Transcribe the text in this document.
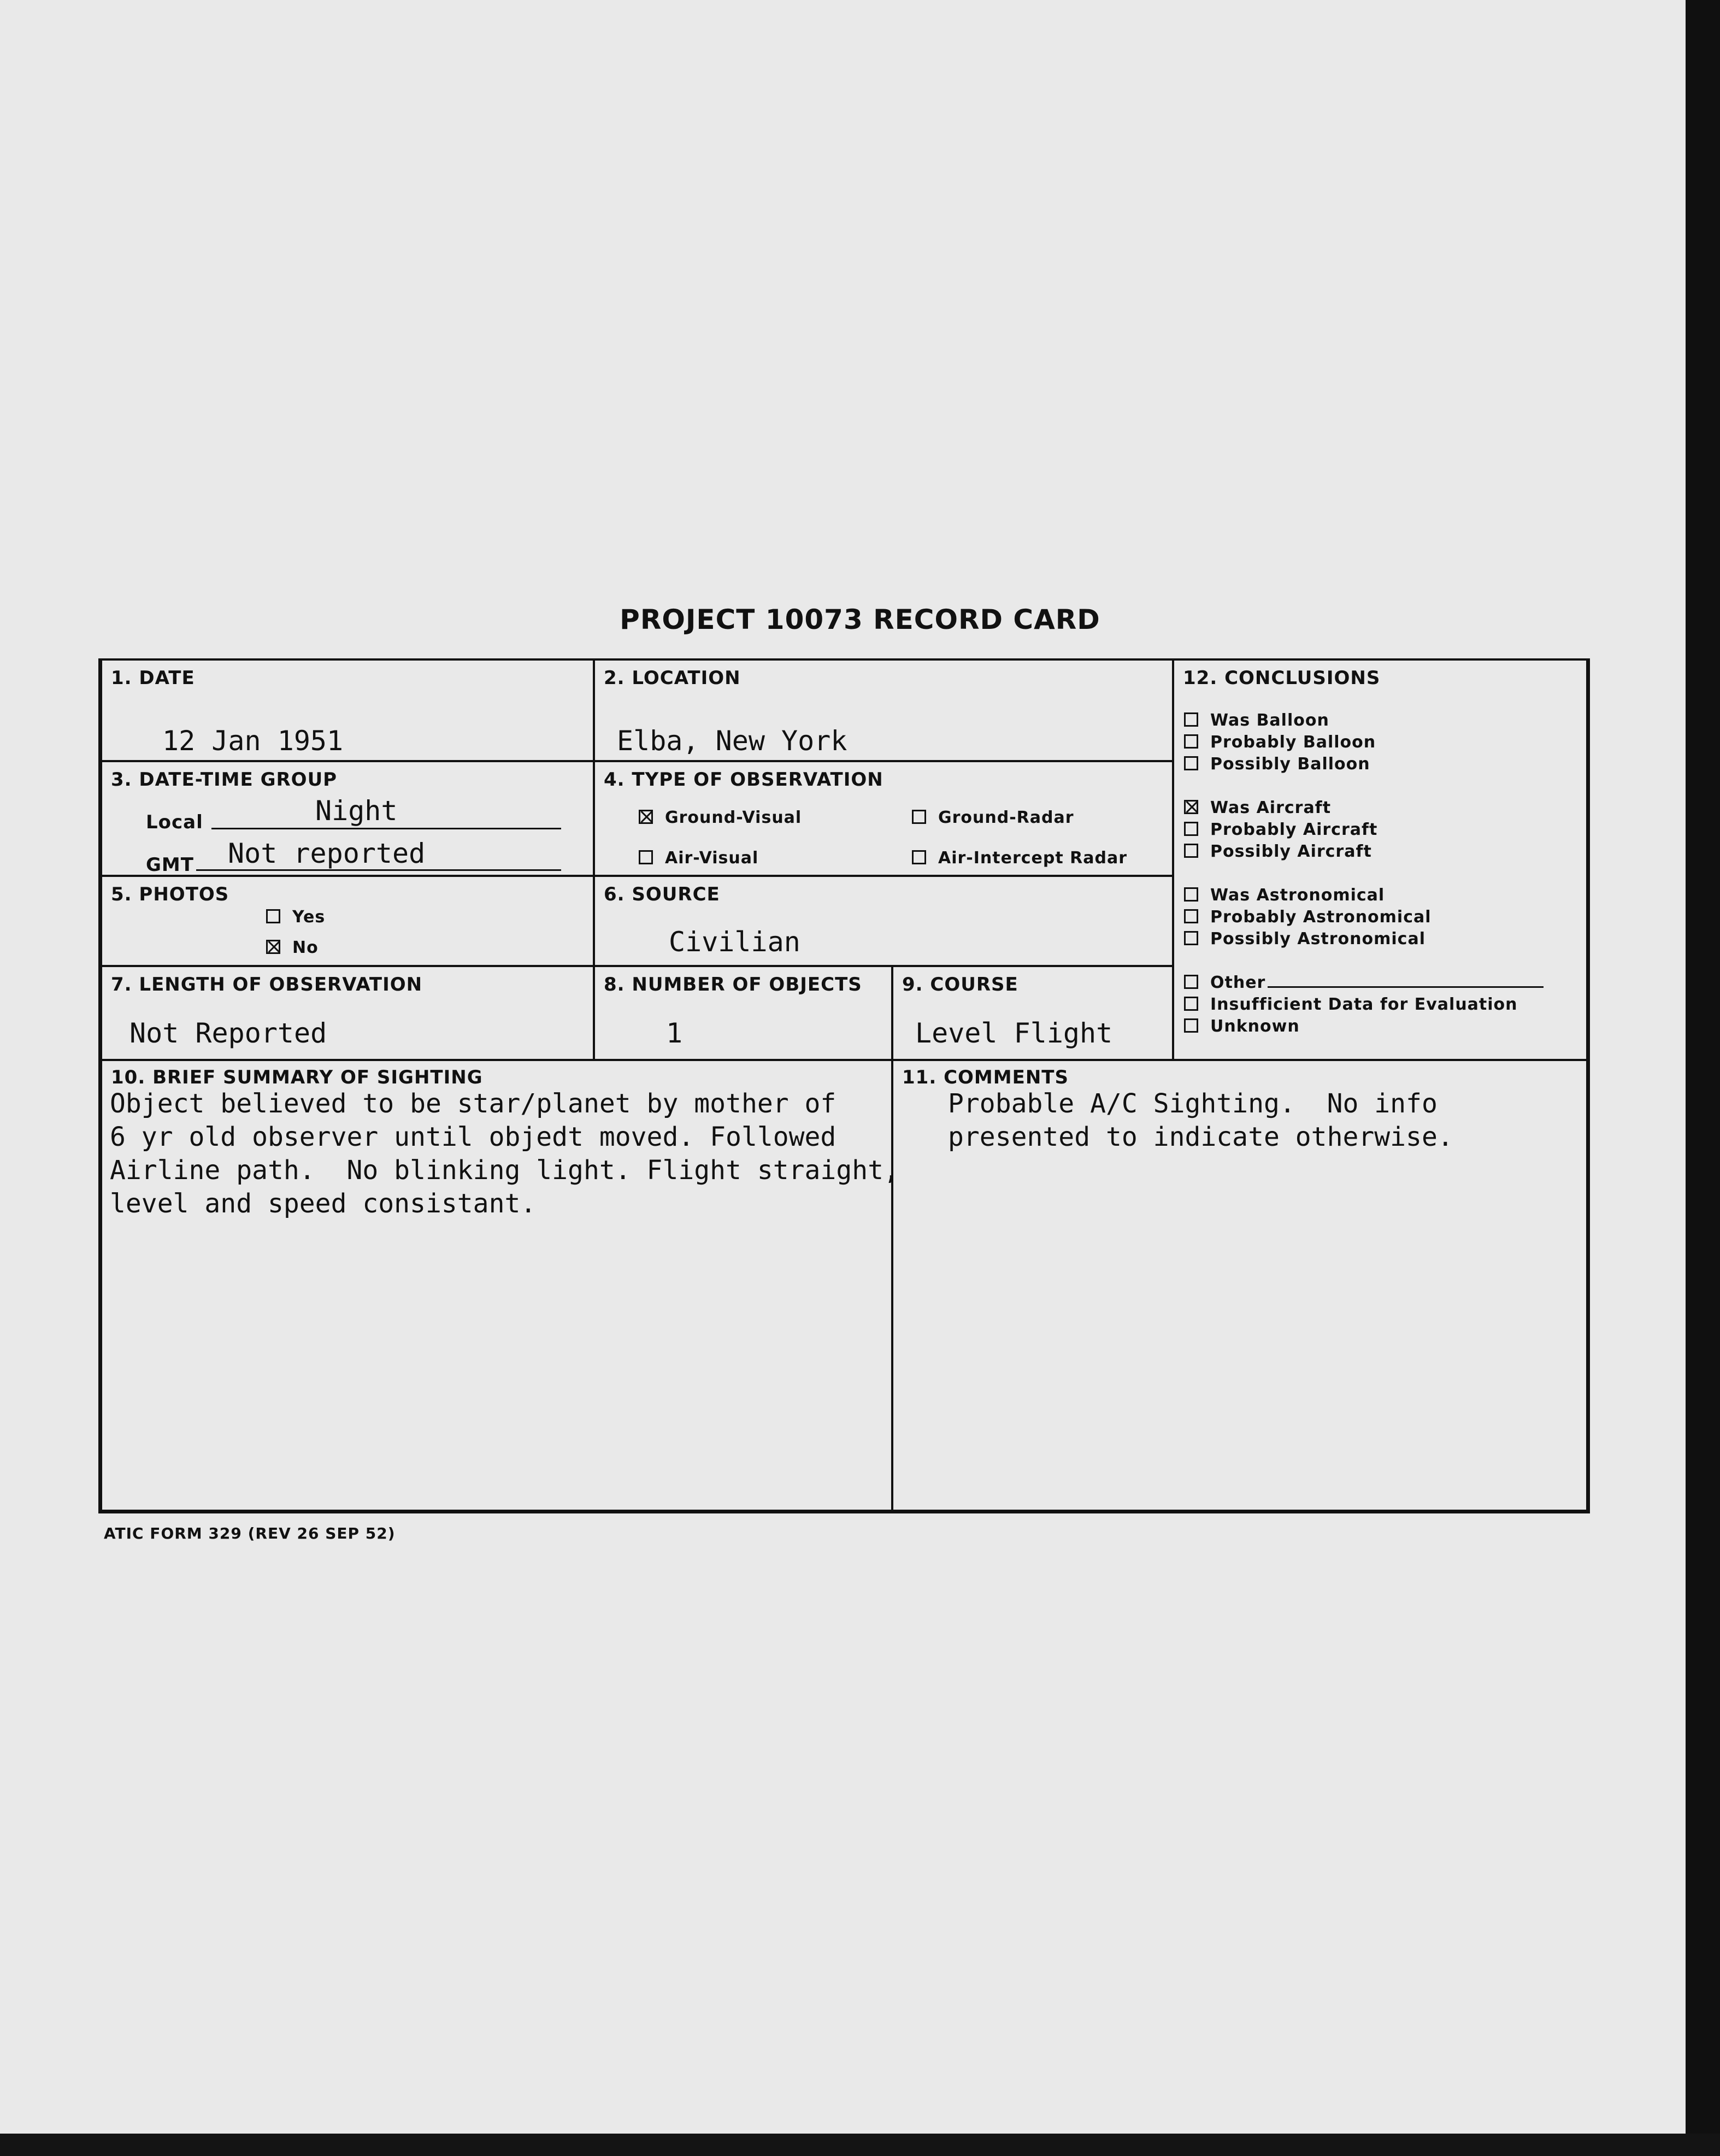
PROJECT 10073 RECORD CARD
1. DATE
12 Jan 1951
2. LOCATION
Elba, New York
3. DATE-TIME GROUP
Local	Night
GMT Not reported
4. TYPE OF OBSERVATION
Ground-Visual	Ground-Radar
Air-Visual	Air-Intercept Radar
5. PHOTOS
Yes
No
6. SOURCE
Civilian
7. LENGTH OF OBSERVATION
Not Reported
8. NUMBER OF OBJECTS
1
9. COURSE
Level Flight
12. CONCLUSIONS
Was Balloon
Probably Balloon
Possibly Balloon
Was Aircraft
Probably Aircraft
Possibly Aircraft
Was Astronomical
Probably Astronomical
Possibly Astronomical
Other
Insufficient Data for Evaluation
Unknown
10. BRIEF SUMMARY OF SIGHTING
Object believed to be star/planet by mother of
6 yr old observer until objedt moved. Followed
Airline path.  No blinking light. Flight straight,
level and speed consistant.
11. COMMENTS
Probable A/C Sighting.  No info
presented to indicate otherwise.
ATIC FORM 329 (REV 26 SEP 52)
